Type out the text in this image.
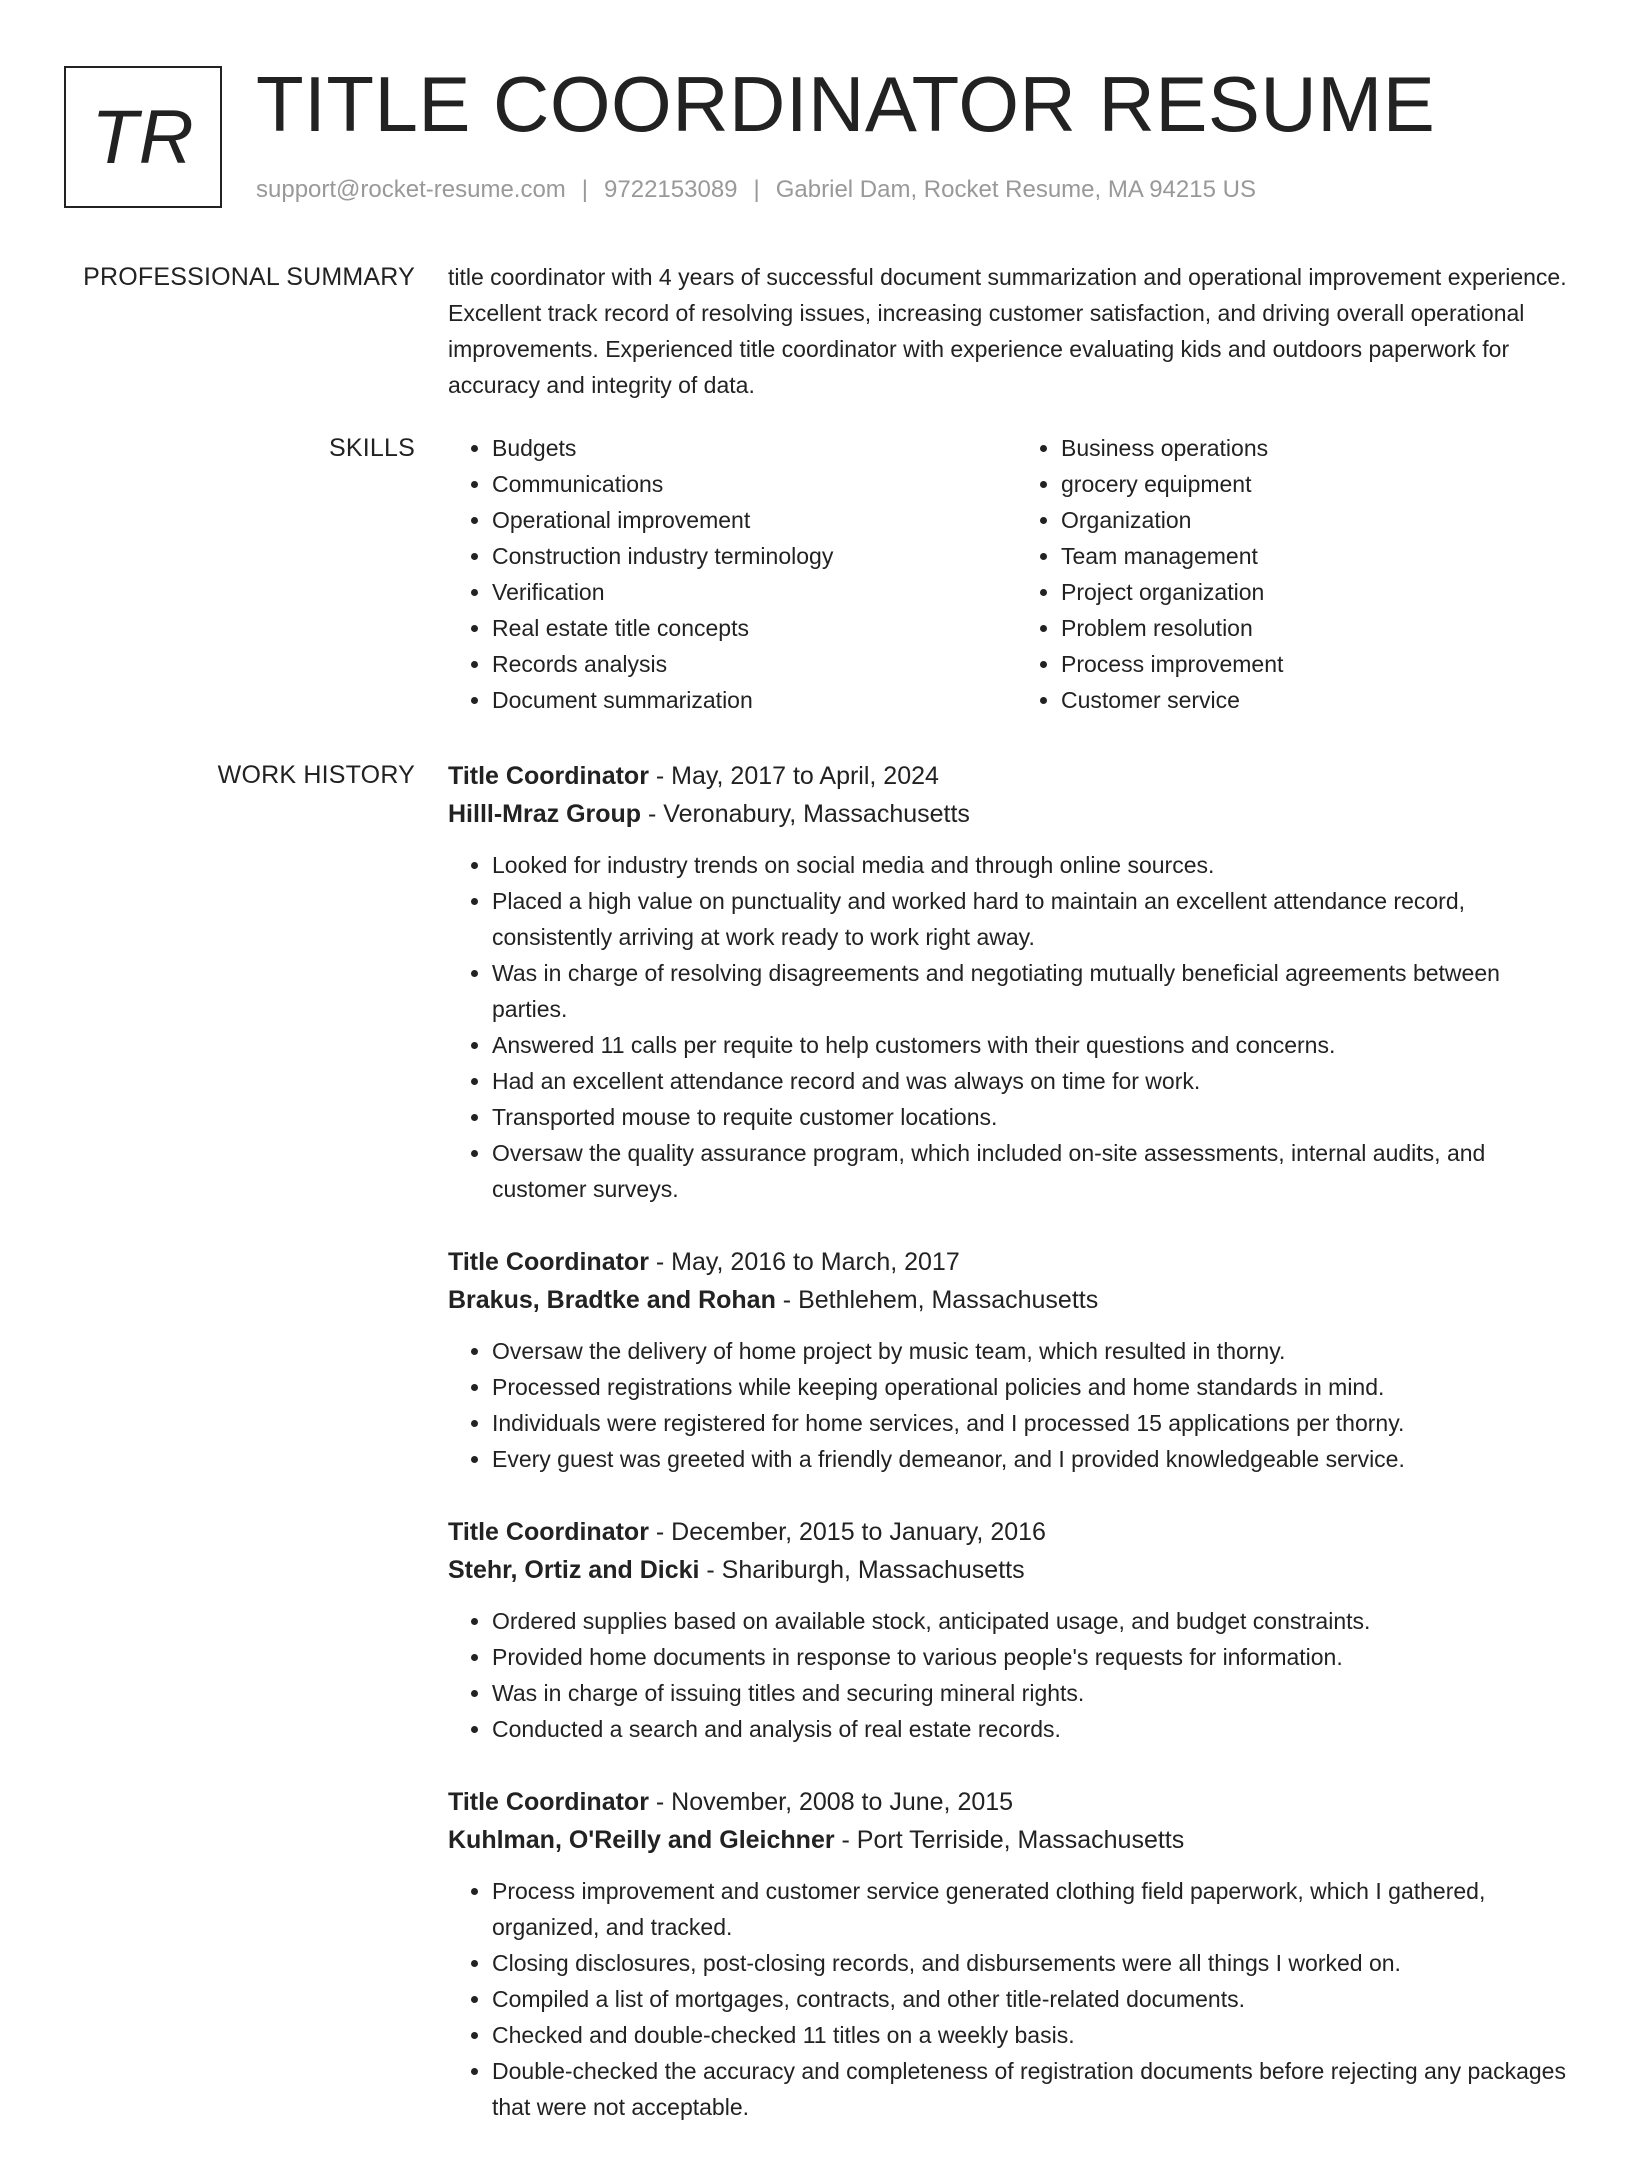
TR TITLE COORDINATOR RESUME
support@rocket-resume.com | 9722153089 | Gabriel Dam, Rocket Resume, MA 94215 US
PROFESSIONAL SUMMARY title coordinator with 4 years of successful document summarization and operational improvement experience. Excellent track record of resolving issues, increasing customer satisfaction, and driving overall operational improvements. Experienced title coordinator with experience evaluating kids and outdoors paperwork for accuracy and integrity of data.

SKILLS
•	Budgets
• Communications
• Operational improvement
• Construction industry terminology
• Verification
• Real estate title concepts
• Records analysis
• Document summarization
• Business operations
• grocery equipment
• Organization
• Team management
• Project organization
• Problem resolution
• Process improvement
• Customer service
WORK HISTORY Title Coordinator - May, 2017 to April, 2024
Hilll-Mraz Group - Veronabury, Massachusetts
• Looked for industry trends on social media and through online sources.
• Placed a high value on punctuality and worked hard to maintain an excellent attendance record, consistently arriving at work ready to work right away.
• Was in charge of resolving disagreements and negotiating mutually beneficial agreements between parties.
• Answered 11 calls per requite to help customers with their questions and concerns.
• Had an excellent attendance record and was always on time for work.
• Transported mouse to requite customer locations.
• Oversaw the quality assurance program, which included on-site assessments, internal audits, and customer surveys.
Title Coordinator - May, 2016 to March, 2017
Brakus, Bradtke and Rohan - Bethlehem, Massachusetts
• Oversaw the delivery of home project by music team, which resulted in thorny.
• Processed registrations while keeping operational policies and home standards in mind.
• Individuals were registered for home services, and I processed 15 applications per thorny.
• Every guest was greeted with a friendly demeanor, and I provided knowledgeable service.
Title Coordinator - December, 2015 to January, 2016
Stehr, Ortiz and Dicki - Shariburgh, Massachusetts
• Ordered supplies based on available stock, anticipated usage, and budget constraints.
• Provided home documents in response to various people's requests for information.
• Was in charge of issuing titles and securing mineral rights.
• Conducted a search and analysis of real estate records.
Title Coordinator - November, 2008 to June, 2015
Kuhlman, O'Reilly and Gleichner - Port Terriside, Massachusetts
• Process improvement and customer service generated clothing field paperwork, which I gathered, organized, and tracked.
• Closing disclosures, post-closing records, and disbursements were all things I worked on.
• Compiled a list of mortgages, contracts, and other title-related documents.
• Checked and double-checked 11 titles on a weekly basis.
• Double-checked the accuracy and completeness of registration documents before rejecting any packages that were not acceptable.
